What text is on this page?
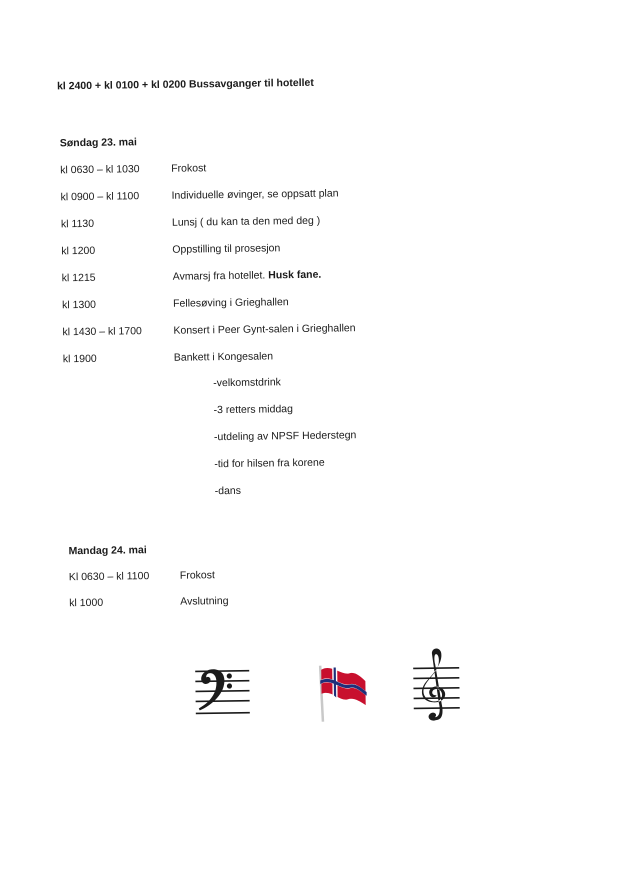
kl 2400 + kl 0100 + kl 0200 Bussavganger til hotellet
Søndag 23. mai
kl 0630 – kl 1030	Frokost
kl 0900 – kl 1100	Individuelle øvinger, se oppsatt plan
kl 1130	Lunsj ( du kan ta den med deg )
kl 1200	Oppstilling til prosesjon
kl 1215	Avmarsj fra hotellet. Husk fane.
kl 1300	Fellesøving i Grieghallen
kl 1430 – kl 1700	Konsert i Peer Gynt-salen i Grieghallen
kl 1900	Bankett i Kongesalen
-velkomstdrink
-3 retters middag
-utdeling av NPSF Hederstegn
-tid for hilsen fra korene
-dans
Mandag 24. mai
Kl 0630 – kl 1100	Frokost
kl 1000	Avslutning
